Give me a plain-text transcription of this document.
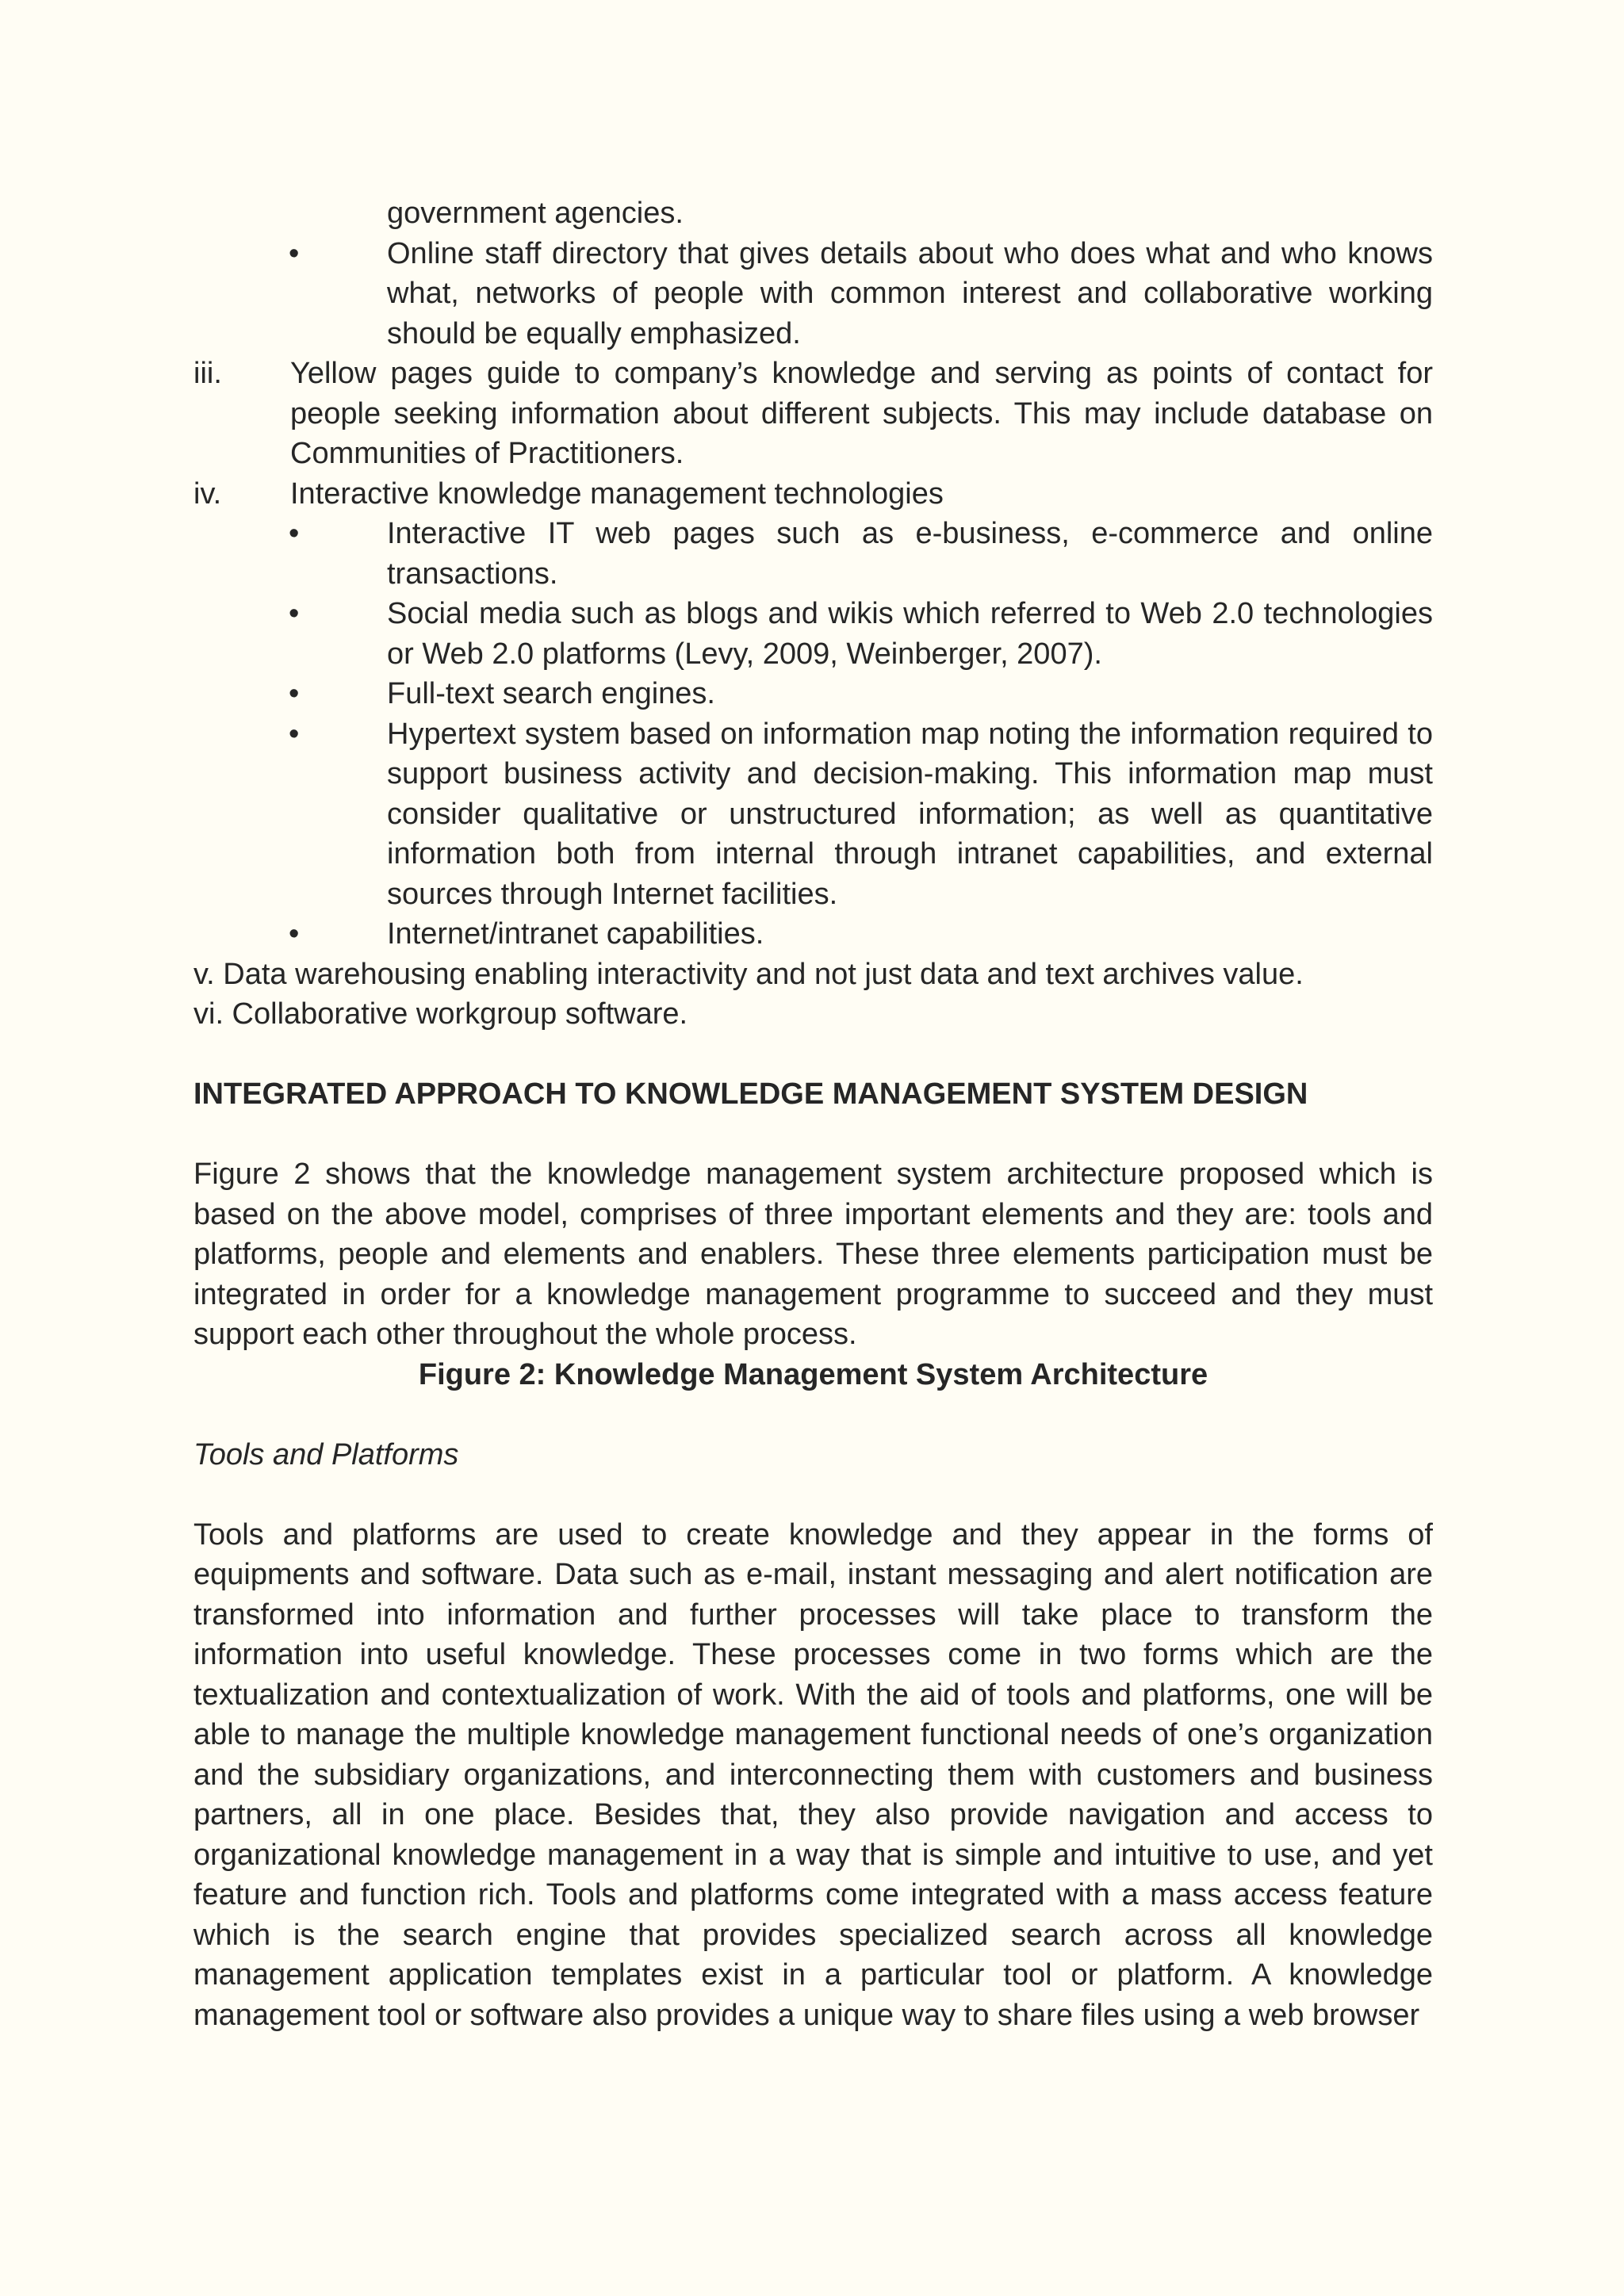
government agencies.
•	Online staff directory that gives details about who does what and who knows what, networks of people with common interest and collaborative working should be equally emphasized.
iii. Yellow pages guide to company’s knowledge and serving as points of contact for people seeking information about different subjects. This may include database on Communities of Practitioners.
iv. Interactive knowledge management technologies
•	Interactive IT web pages such as e-business, e-commerce and online transactions.
•	Social media such as blogs and wikis which referred to Web 2.0 technologies or Web 2.0 platforms (Levy, 2009, Weinberger, 2007).
•	Full-text search engines.
•	Hypertext system based on information map noting the information required to support business activity and decision-making. This information map must consider qualitative or unstructured information; as well as quantitative information both from internal through intranet capabilities, and external sources through Internet facilities.
•	Internet/intranet capabilities.
v. Data warehousing enabling interactivity and not just data and text archives value.
vi. Collaborative workgroup software.
INTEGRATED APPROACH TO KNOWLEDGE MANAGEMENT SYSTEM DESIGN
Figure 2 shows that the knowledge management system architecture proposed which is based on the above model, comprises of three important elements and they are: tools and platforms, people and elements and enablers. These three elements participation must be integrated in order for a knowledge management programme to succeed and they must support each other throughout the whole process.
Figure 2: Knowledge Management System Architecture
Tools and Platforms
Tools and platforms are used to create knowledge and they appear in the forms of equipments and software. Data such as e-mail, instant messaging and alert notification are transformed into information and further processes will take place to transform the information into useful knowledge. These processes come in two forms which are the textualization and contextualization of work. With the aid of tools and platforms, one will be able to manage the multiple knowledge management functional needs of one’s organization and the subsidiary organizations, and interconnecting them with customers and business partners, all in one place. Besides that, they also provide navigation and access to organizational knowledge management in a way that is simple and intuitive to use, and yet feature and function rich. Tools and platforms come integrated with a mass access feature which is the search engine that provides specialized search across all knowledge management application templates exist in a particular tool or platform. A knowledge management tool or software also provides a unique way to share files using a web browser
